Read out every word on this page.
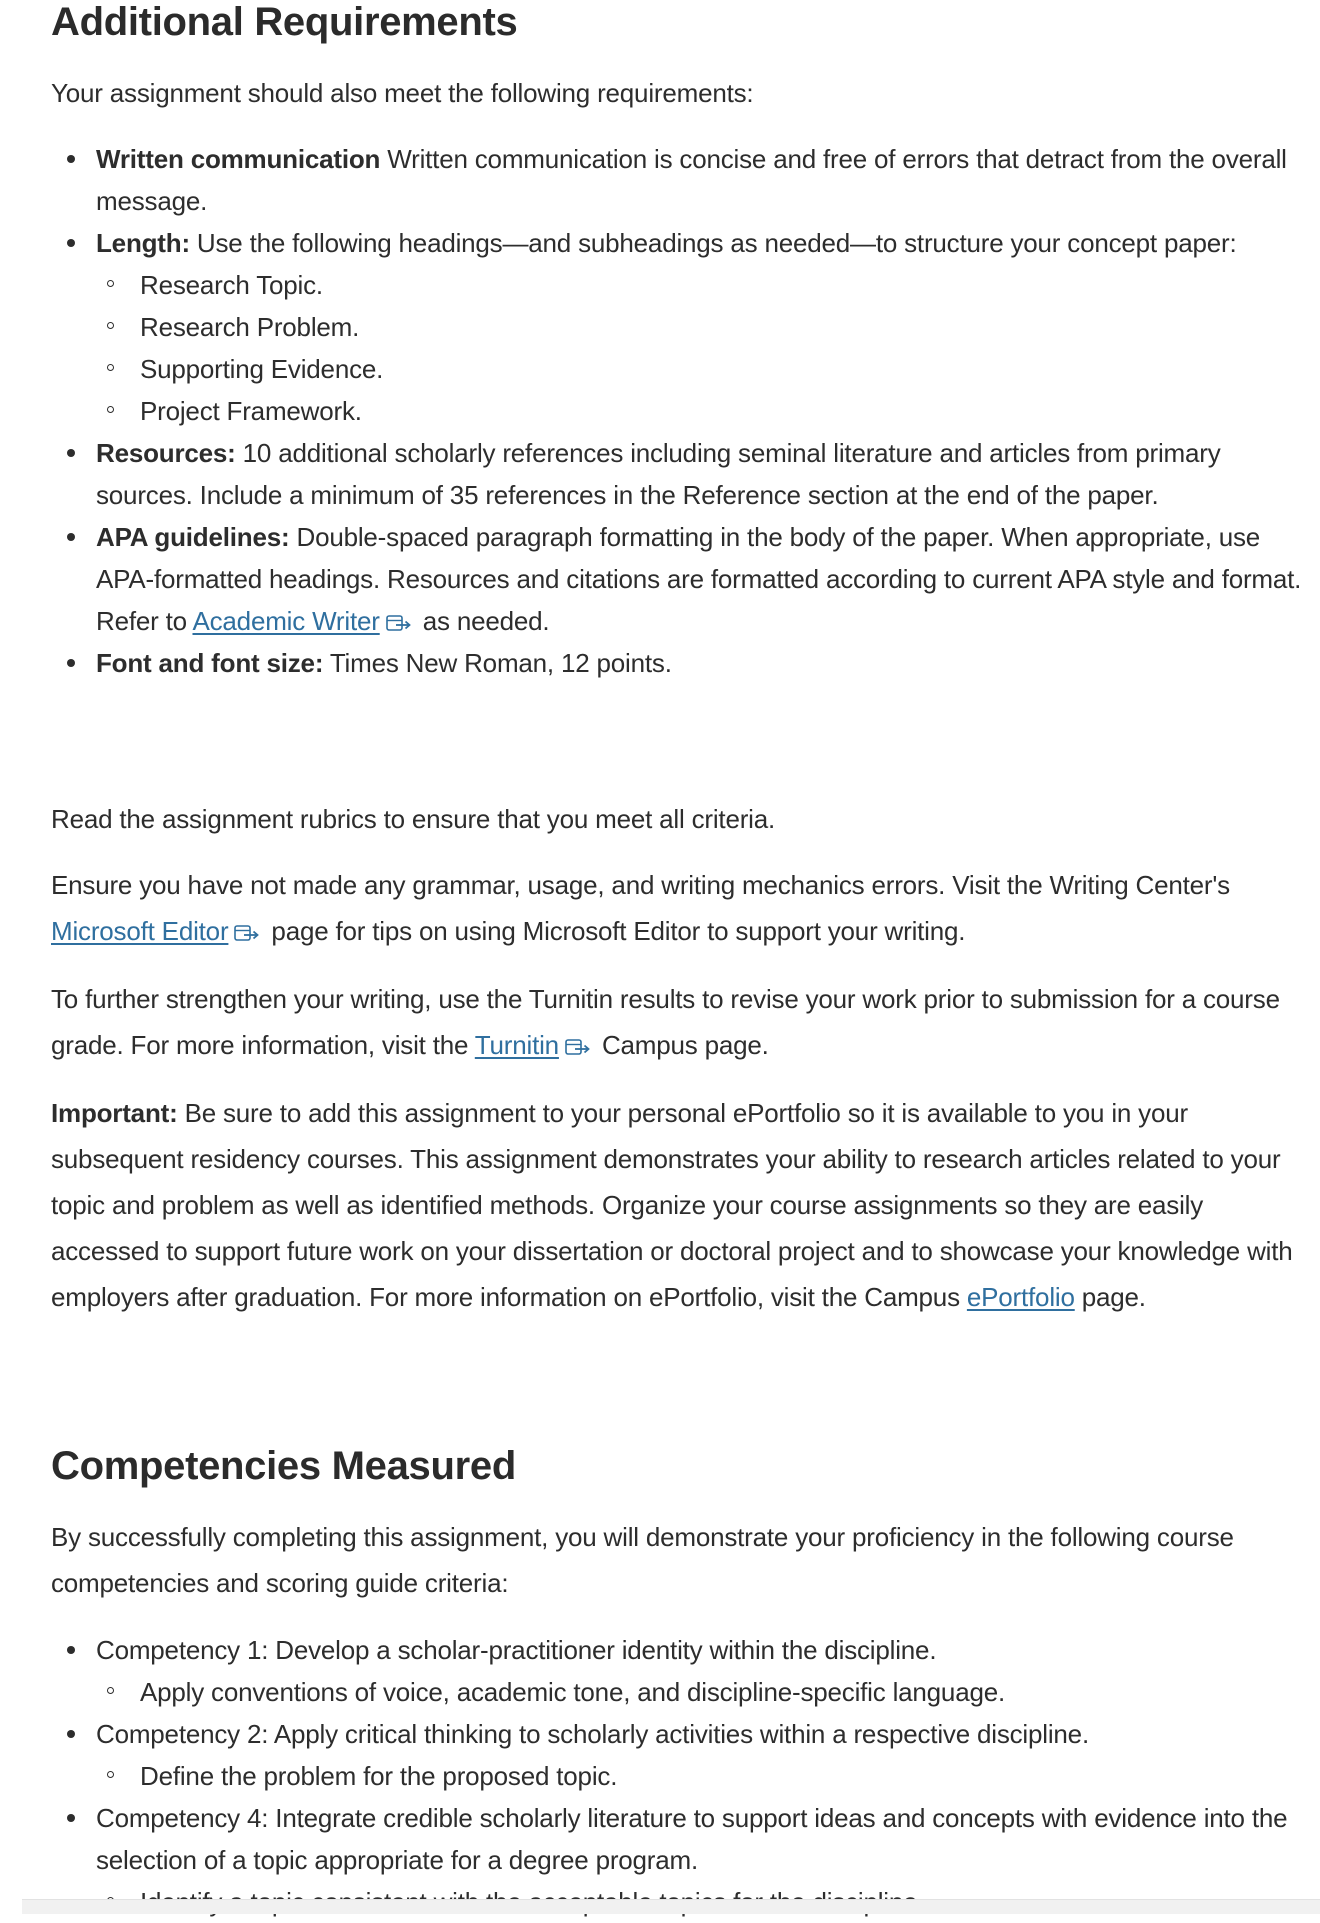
Additional Requirements

Your assignment should also meet the following requirements:

Written communication Written communication is concise and free of errors that detract from the overall message.
Length: Use the following headings—and subheadings as needed—to structure your concept paper:
Research Topic.
Research Problem.
Supporting Evidence.
Project Framework.
Resources: 10 additional scholarly references including seminal literature and articles from primary sources. Include a minimum of 35 references in the Reference section at the end of the paper.
APA guidelines: Double-spaced paragraph formatting in the body of the paper. When appropriate, use APA-formatted headings. Resources and citations are formatted according to current APA style and format. Refer to Academic Writer
as needed.
Font and font size: Times New Roman, 12 points.

Read the assignment rubrics to ensure that you meet all criteria.

Ensure you have not made any grammar, usage, and writing mechanics errors. Visit the Writing Center's Microsoft Editor
page for tips on using Microsoft Editor to support your writing.

To further strengthen your writing, use the Turnitin results to revise your work prior to submission for a course grade. For more information, visit the Turnitin
Campus page.

Important: Be sure to add this assignment to your personal ePortfolio so it is available to you in your subsequent residency courses. This assignment demonstrates your ability to research articles related to your topic and problem as well as identified methods. Organize your course assignments so they are easily accessed to support future work on your dissertation or doctoral project and to showcase your knowledge with employers after graduation. For more information on ePortfolio, visit the Campus ePortfolio page.

Competencies Measured

By successfully completing this assignment, you will demonstrate your proficiency in the following course competencies and scoring guide criteria:

Competency 1: Develop a scholar-practitioner identity within the discipline.
Apply conventions of voice, academic tone, and discipline-specific language.
Competency 2: Apply critical thinking to scholarly activities within a respective discipline.
Define the problem for the proposed topic.
Competency 4: Integrate credible scholarly literature to support ideas and concepts with evidence into the selection of a topic appropriate for a degree program.
